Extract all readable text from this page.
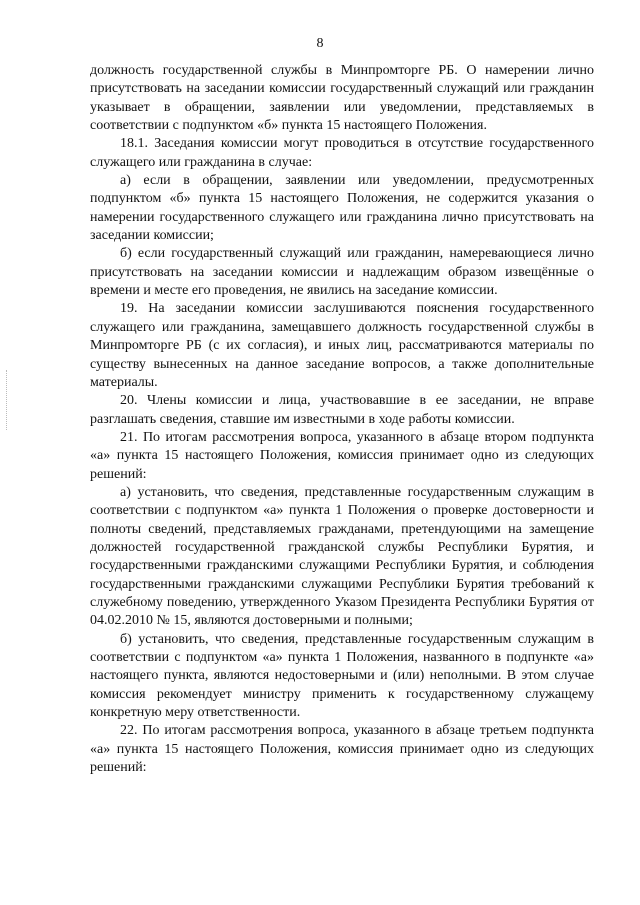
8

должность государственной службы в Минпромторге РБ. О намерении лично присутствовать на заседании комиссии государственный служащий или гражданин указывает в обращении, заявлении или уведомлении, представляемых в соответствии с подпунктом «б» пункта 15 настоящего Положения.

18.1. Заседания комиссии могут проводиться в отсутствие государственного служащего или гражданина в случае:

а) если в обращении, заявлении или уведомлении, предусмотренных подпунктом «б» пункта 15 настоящего Положения, не содержится указания о намерении государственного служащего или гражданина лично присутствовать на заседании комиссии;

б) если государственный служащий или гражданин, намеревающиеся лично присутствовать на заседании комиссии и надлежащим образом извещённые о времени и месте его проведения, не явились на заседание комиссии.

19. На заседании комиссии заслушиваются пояснения государственного служащего или гражданина, замещавшего должность государственной службы в Минпромторге РБ (с их согласия), и иных лиц, рассматриваются материалы по существу вынесенных на данное заседание вопросов, а также дополнительные материалы.

20. Члены комиссии и лица, участвовавшие в ее заседании, не вправе разглашать сведения, ставшие им известными в ходе работы комиссии.

21. По итогам рассмотрения вопроса, указанного в абзаце втором подпункта «а» пункта 15 настоящего Положения, комиссия принимает одно из следующих решений:

а) установить, что сведения, представленные государственным служащим в соответствии с подпунктом «а» пункта 1 Положения о проверке достоверности и полноты сведений, представляемых гражданами, претендующими на замещение должностей государственной гражданской службы Республики Бурятия, и государственными гражданскими служащими Республики Бурятия, и соблюдения государственными гражданскими служащими Республики Бурятия требований к служебному поведению, утвержденного Указом Президента Республики Бурятия от 04.02.2010 № 15, являются достоверными и полными;

б) установить, что сведения, представленные государственным служащим в соответствии с подпунктом «а» пункта 1 Положения, названного в подпункте «а» настоящего пункта, являются недостоверными и (или) неполными. В этом случае комиссия рекомендует министру применить к государственному служащему конкретную меру ответственности.

22. По итогам рассмотрения вопроса, указанного в абзаце третьем подпункта «а» пункта 15 настоящего Положения, комиссия принимает одно из следующих решений:
